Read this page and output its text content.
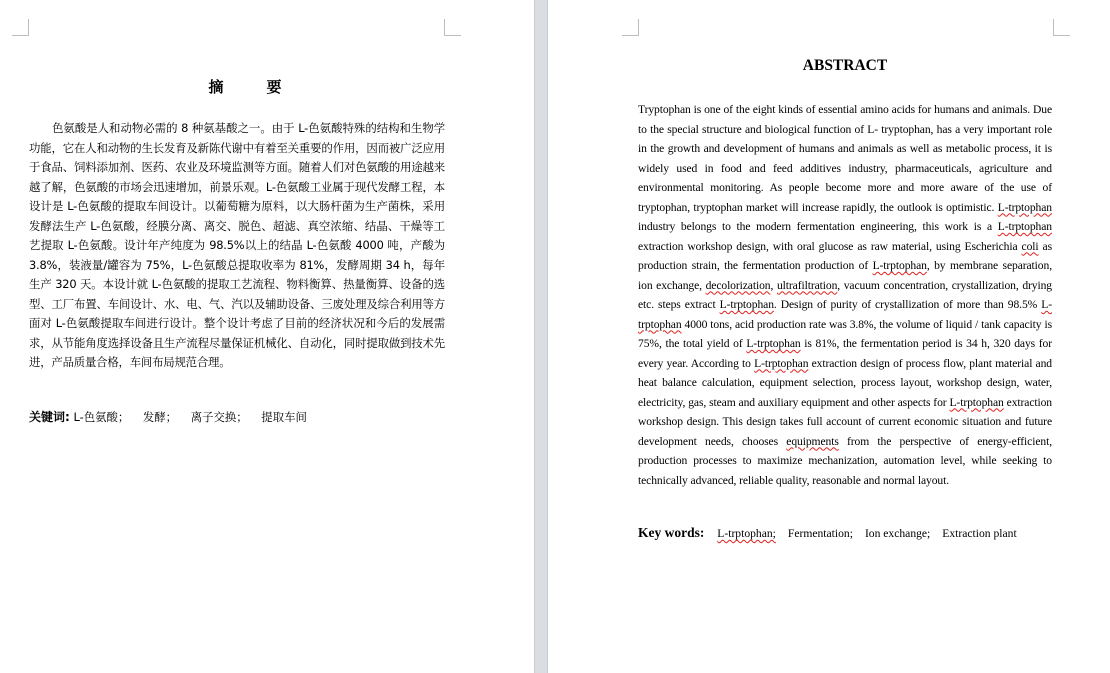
摘　要
色氨酸是人和动物必需的 8 种氨基酸之一。由于 L-色氨酸特殊的结构和生物学功能，它在人和动物的生长发育及新陈代谢中有着至关重要的作用，因而被广泛应用于食品、饲料添加剂、医药、农业及环境监测等方面。随着人们对色氨酸的用途越来越了解，色氨酸的市场会迅速增加，前景乐观。L-色氨酸工业属于现代发酵工程，本设计是 L-色氨酸的提取车间设计。以葡萄糖为原料，以大肠杆菌为生产菌株，采用发酵法生产 L-色氨酸，经膜分离、离交、脱色、超滤、真空浓缩、结晶、干燥等工艺提取 L-色氨酸。设计年产纯度为 98.5%以上的结晶 L-色氨酸 4000 吨，产酸为 3.8%，装液量/罐容为 75%，L-色氨酸总提取收率为 81%，发酵周期 34 h，每年生产 320 天。本设计就 L-色氨酸的提取工艺流程、物料衡算、热量衡算、设备的选型、工厂布置、车间设计、水、电、气、汽以及辅助设备、三废处理及综合利用等方面对 L-色氨酸提取车间进行设计。整个设计考虑了目前的经济状况和今后的发展需求，从节能角度选择设备且生产流程尽量保证机械化、自动化，同时提取做到技术先进，产品质量合格，车间布局规范合理。
关键词: L-色氨酸； 发酵； 离子交换； 提取车间
ABSTRACT
Tryptophan is one of the eight kinds of essential amino acids for humans and animals. Due to the special structure and biological function of L- tryptophan, has a very important role in the growth and development of humans and animals as well as metabolic process, it is widely used in food and feed additives industry, pharmaceuticals, agriculture and environmental monitoring. As people become more and more aware of the use of tryptophan, tryptophan market will increase rapidly, the outlook is optimistic. L-trptophan industry belongs to the modern fermentation engineering, this work is a L-trptophan extraction workshop design, with oral glucose as raw material, using Escherichia coli as production strain, the fermentation production of L-trptophan, by membrane separation, ion exchange, decolorization, ultrafiltration, vacuum concentration, crystallization, drying etc. steps extract L-trptophan. Design of purity of crystallization of more than 98.5% L-trptophan 4000 tons, acid production rate was 3.8%, the volume of liquid / tank capacity is 75%, the total yield of L-trptophan is 81%, the fermentation period is 34 h, 320 days for every year. According to L-trptophan extraction design of process flow, plant material and heat balance calculation, equipment selection, process layout, workshop design, water, electricity, gas, steam and auxiliary equipment and other aspects for L-trptophan extraction workshop design. This design takes full account of current economic situation and future development needs, chooses equipments from the perspective of energy-efficient, production processes to maximize mechanization, automation level, while seeking to technically advanced, reliable quality, reasonable and normal layout.
Key words: L-trptophan; Fermentation; Ion exchange; Extraction plant
